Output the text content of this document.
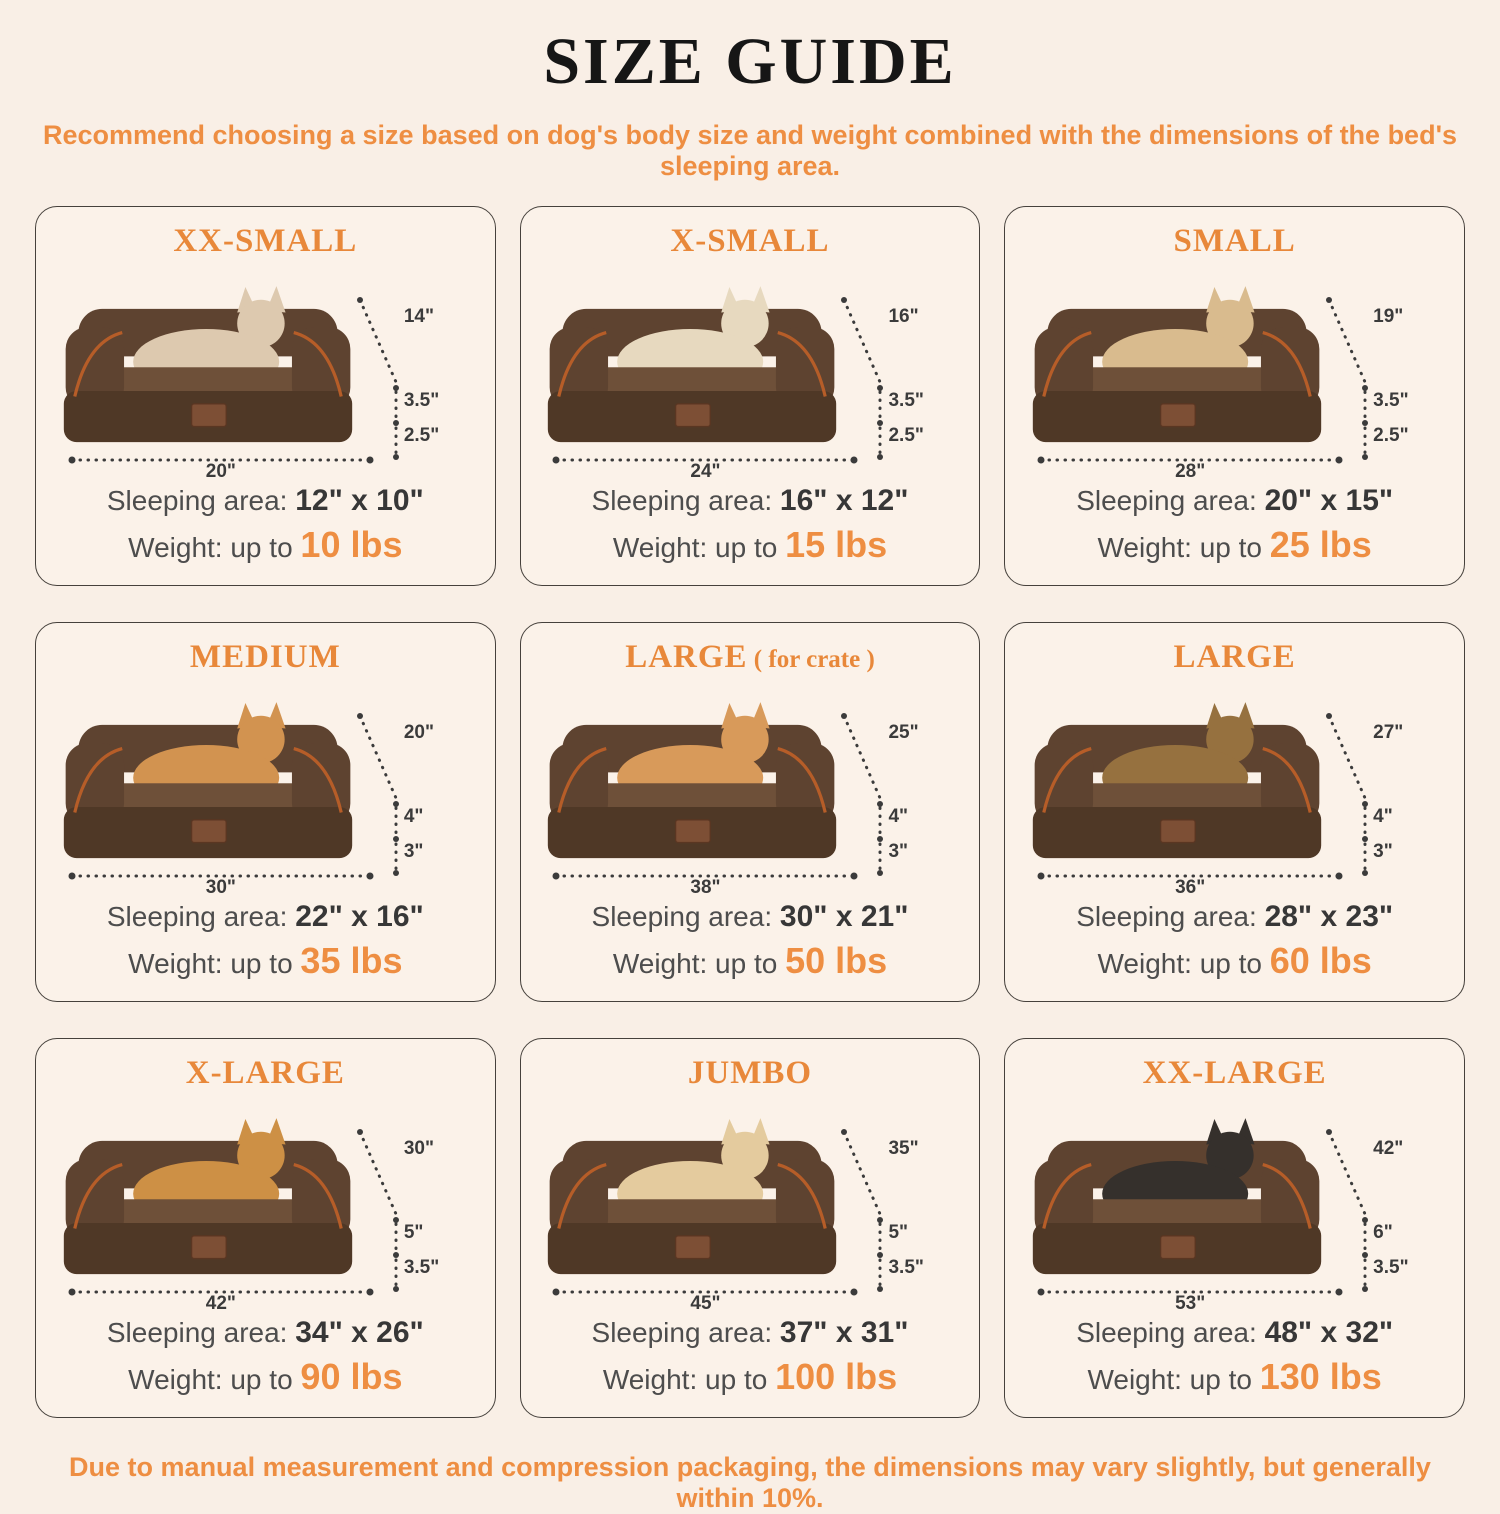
SIZE GUIDE

Recommend choosing a size based on dog's body size and weight combined with the dimensions of the bed's sleeping area.

XX-SMALL
14"
3.5"
2.5"
20"

Sleeping area: 12" x 10"

Weight: up to 10 lbs

X-SMALL
16"
3.5"
2.5"
24"

Sleeping area: 16" x 12"

Weight: up to 15 lbs

SMALL
19"
3.5"
2.5"
28"

Sleeping area: 20" x 15"

Weight: up to 25 lbs

MEDIUM
20"
4"
3"
30"

Sleeping area: 22" x 16"

Weight: up to 35 lbs

LARGE ( for crate )
25"
4"
3"
38"

Sleeping area: 30" x 21"

Weight: up to 50 lbs

LARGE
27"
4"
3"
36"

Sleeping area: 28" x 23"

Weight: up to 60 lbs

X-LARGE
30"
5"
3.5"
42"

Sleeping area: 34" x 26"

Weight: up to 90 lbs

JUMBO
35"
5"
3.5"
45"

Sleeping area: 37" x 31"

Weight: up to 100 lbs

XX-LARGE
42"
6"
3.5"
53"

Sleeping area: 48" x 32"

Weight: up to 130 lbs

Due to manual measurement and compression packaging, the dimensions may vary slightly, but generally within 10%.
